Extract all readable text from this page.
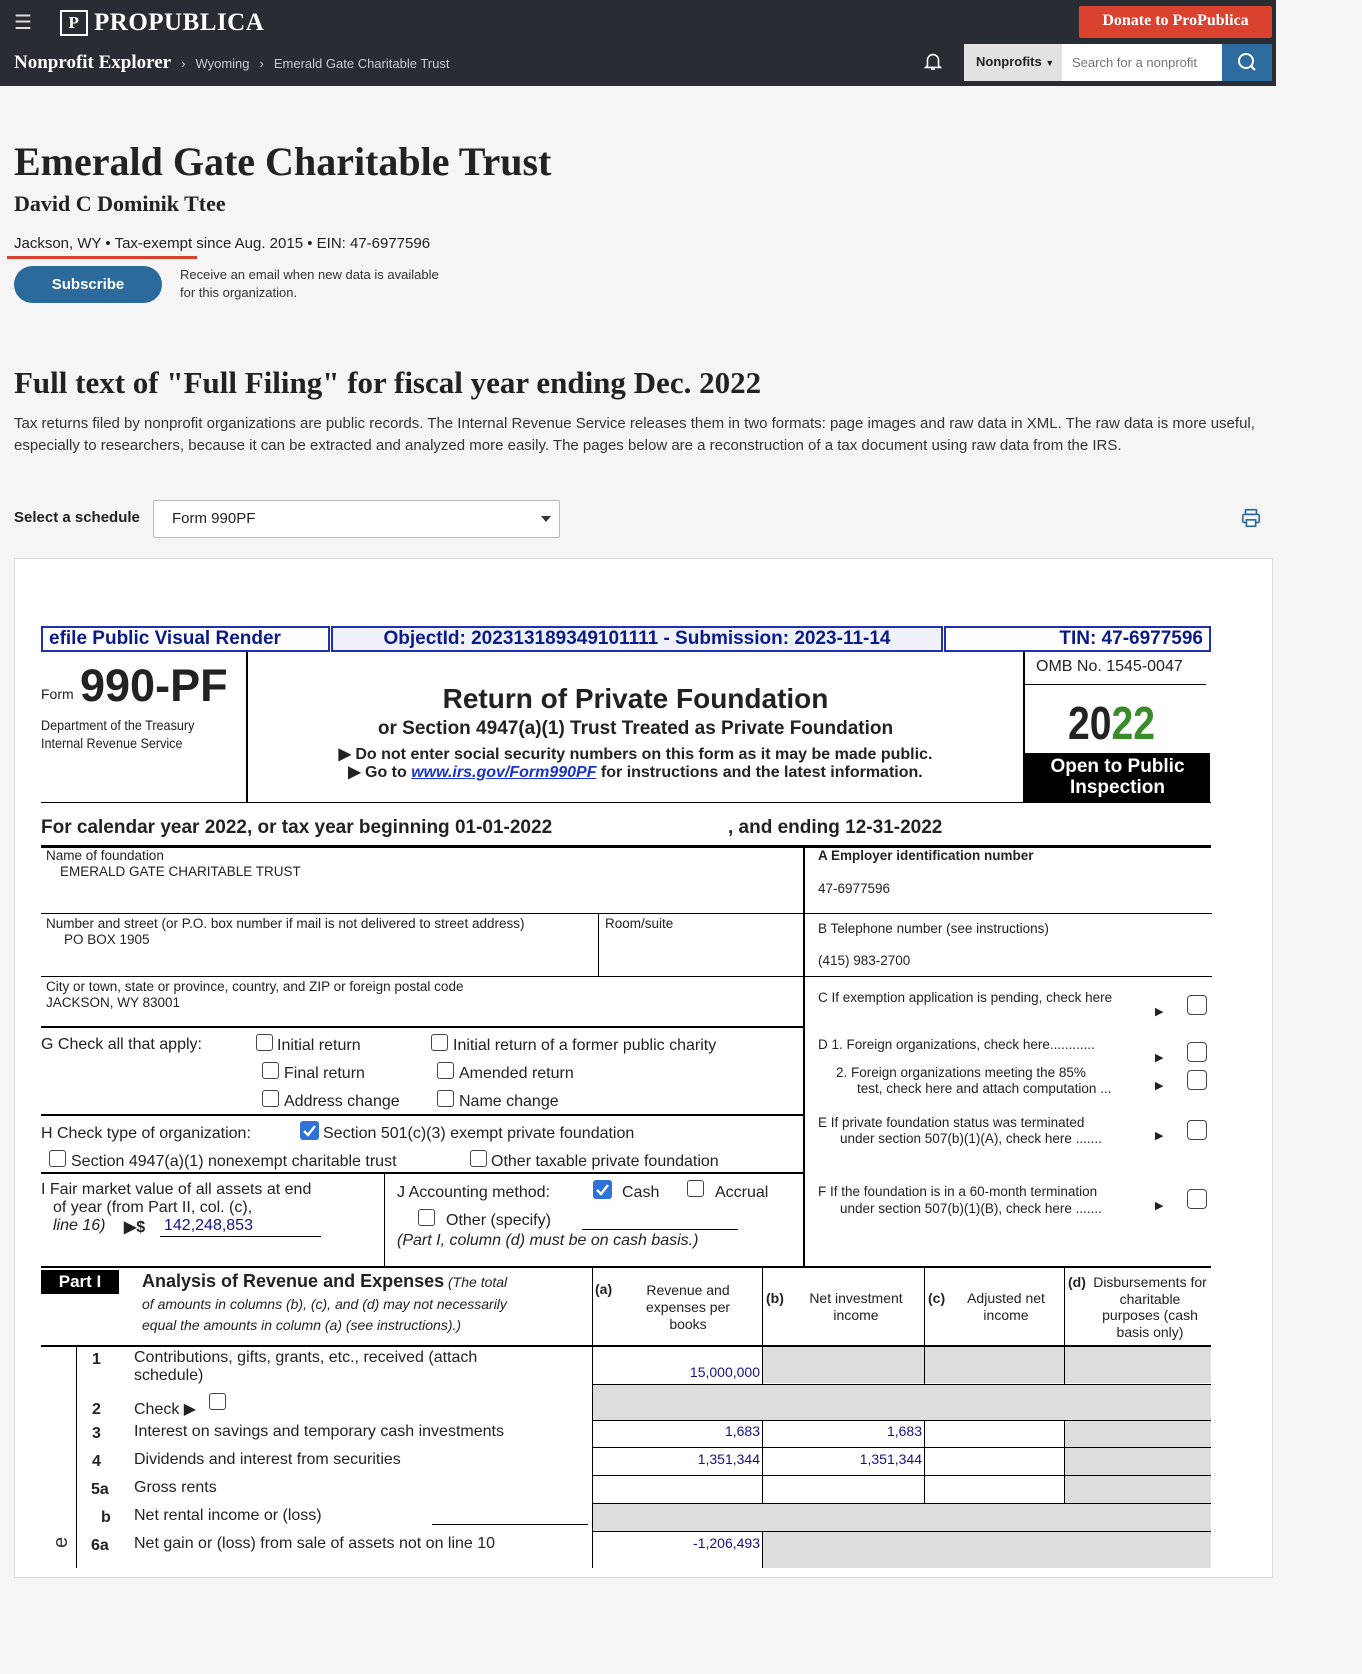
☰	P PROPUBLICA	Donate to ProPublica
Nonprofit Explorer › Wyoming › Emerald Gate Charitable Trust	Nonprofits ▼
Search for a nonprofit
Emerald Gate Charitable Trust
David C Dominik Ttee
Jackson, WY • Tax-exempt since Aug. 2015 • EIN: 47-6977596
Subscribe
Receive an email when new data is available for this organization.
Full text of "Full Filing" for fiscal year ending Dec. 2022
Tax returns filed by nonprofit organizations are public records. The Internal Revenue Service releases them in two formats: page images and raw data in XML. The raw data is more useful, especially to researchers, because it can be extracted and analyzed more easily. The pages below are a reconstruction of a tax document using raw data from the IRS.
Select a schedule	Form 990PF
efile Public Visual Render	ObjectId: 202313189349101111 - Submission: 2023-11-14	TIN: 47-6977596
OMB No. 1545-0047
Form 990-PF
Department of the Treasury
Internal Revenue Service
Return of Private Foundation
or Section 4947(a)(1) Trust Treated as Private Foundation
▶ Do not enter social security numbers on this form as it may be made public.
▶ Go to www.irs.gov/Form990PF for instructions and the latest information.
2022
Open to Public Inspection
For calendar year 2022, or tax year beginning 01-01-2022	, and ending 12-31-2022
Name of foundation
EMERALD GATE CHARITABLE TRUST
Number and street (or P.O. box number if mail is not delivered to street address)
PO BOX 1905
Room/suite
City or town, state or province, country, and ZIP or foreign postal code
JACKSON, WY 83001
A Employer identification number
47-6977596
B Telephone number (see instructions)
(415) 983-2700
C If exemption application is pending, check here
▶
D 1. Foreign organizations, check here............
▶
2. Foreign organizations meeting the 85%
test, check here and attach computation ...	▶
E If private foundation status was terminated
under section 507(b)(1)(A), check here .......	▶
F If the foundation is in a 60-month termination
under section 507(b)(1)(B), check here .......	▶
G Check all that apply:	Initial return	Initial return of a former public charity
Final return	Amended return
Address change	Name change
H Check type of organization:	Section 501(c)(3) exempt private foundation
Section 4947(a)(1) nonexempt charitable trust	Other taxable private foundation
I Fair market value of all assets at end
of year (from Part II, col. (c),
line 16) ▶$ 142,248,853
J Accounting method:	Cash	Accrual
Other (specify)
(Part I, column (d) must be on cash basis.)
Part I	Analysis of Revenue and Expenses (The total
of amounts in columns (b), (c), and (d) may not necessarily
equal the amounts in column (a) (see instructions).)
(a)	Revenue and expenses per books
(b)	Net investment income
(c)	Adjusted net income
(d) Disbursements for charitable purposes (cash basis only)
e
1 Contributions, gifts, grants, etc., received (attach
schedule)	15,000,000
2 Check ▶
3 Interest on savings and temporary cash investments	1,683	1,683
4 Dividends and interest from securities	1,351,344	1,351,344
5a Gross rents
b Net rental income or (loss)
6a Net gain or (loss) from sale of assets not on line 10	-1,206,493
